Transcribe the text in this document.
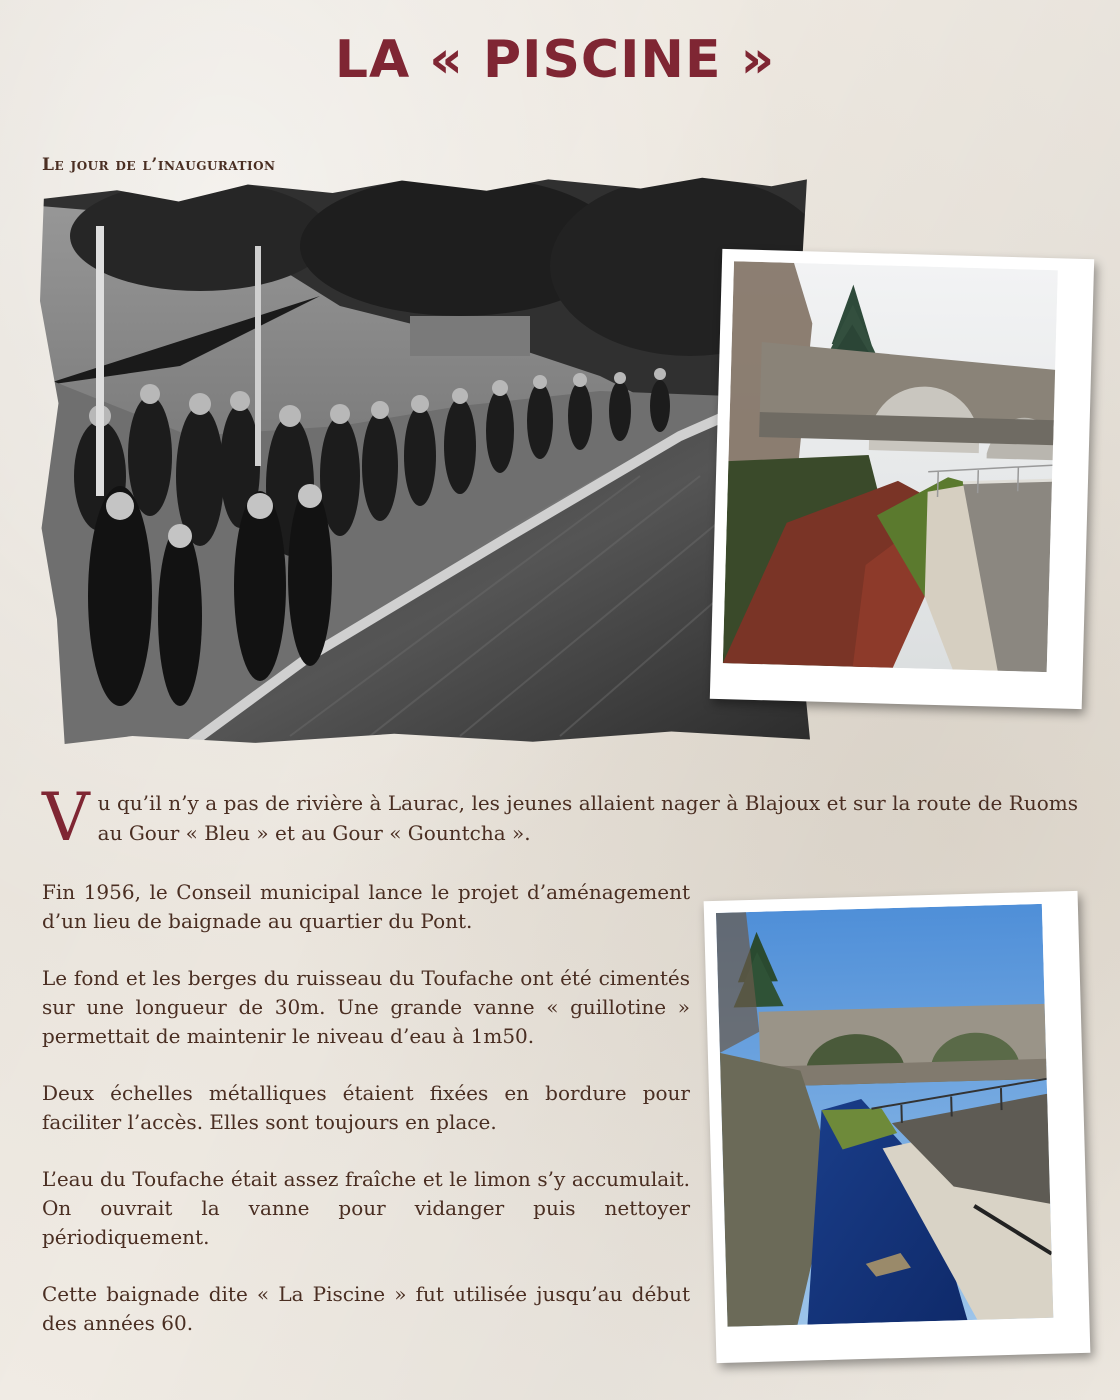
LA « PISCINE »
Le jour de l’inauguration

Vu qu’il n’y a pas de rivière à Laurac, les jeunes allaient nager à Blajoux et sur la route de Ruoms au Gour « Bleu » et au Gour « Gountcha ».

Fin 1956, le Conseil municipal lance le projet d’aménagement d’un lieu de baignade au quartier du Pont.

Le fond et les berges du ruisseau du Toufache ont été cimentés sur une longueur de 30m. Une grande vanne « guillotine » permettait de maintenir le niveau d’eau à 1m50.

Deux échelles métalliques étaient fixées en bordure pour faciliter l’accès. Elles sont toujours en place.

L’eau du Toufache était assez fraîche et le limon s’y accumulait. On ouvrait la vanne pour vidanger puis nettoyer périodiquement.

Cette baignade dite « La Piscine » fut utilisée jusqu’au début des années 60.
